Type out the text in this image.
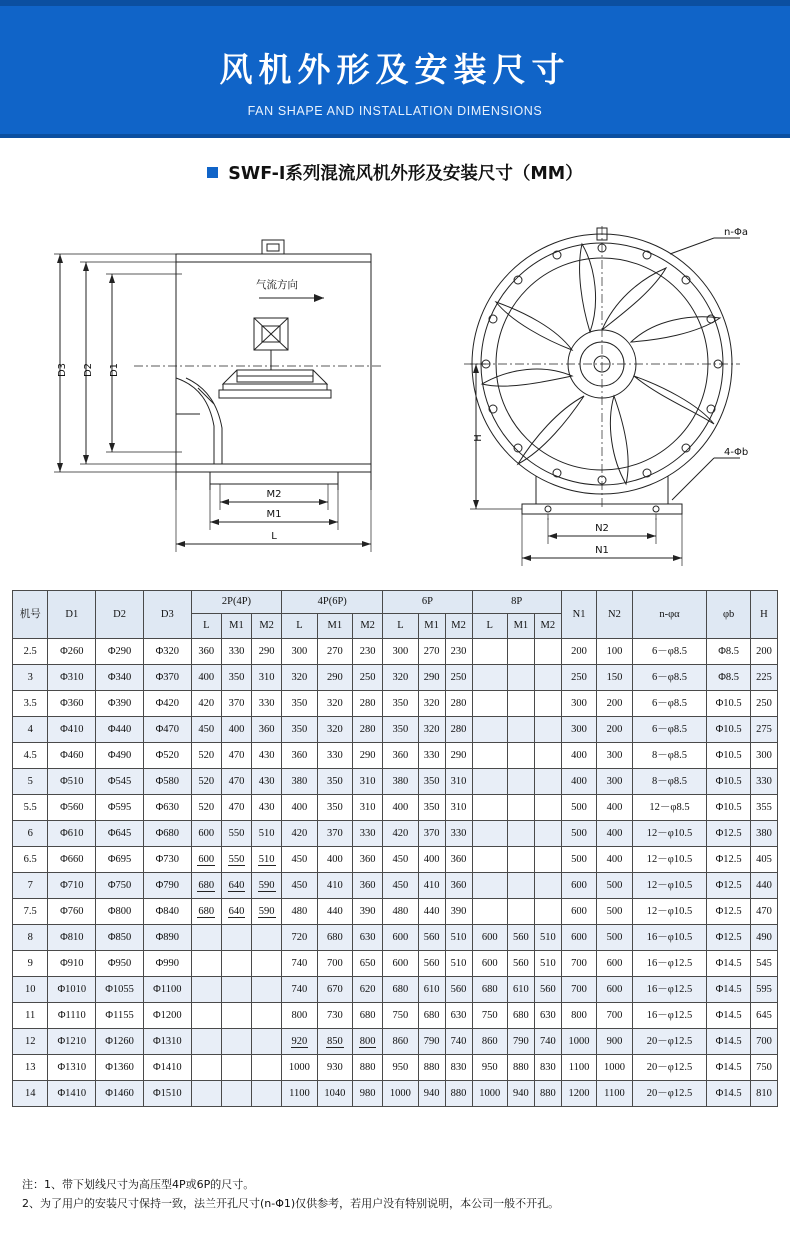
风机外形及安装尺寸
FAN SHAPE AND INSTALLATION DIMENSIONS
SWF-I系列混流风机外形及安装尺寸（MM）
D3 D2 D1
气流方向
M2
M1
L
n-Φa
4-Φb
H
N2
N1
机号	D1	D2	D3	2P(4P)			4P(6P)			6P			8P			N1	N2	n-φα	φb	H
				L	M1	M2	L	M1	M2	L	M1	M2	L	M1	M2					
2.5	Φ260	Φ290	Φ320	360	330	290	300	270	230	300	270	230				200	100	6－φ8.5	Φ8.5	200
3	Φ310	Φ340	Φ370	400	350	310	320	290	250	320	290	250				250	150	6－φ8.5	Φ8.5	225
3.5	Φ360	Φ390	Φ420	420	370	330	350	320	280	350	320	280				300	200	6－φ8.5	Φ10.5	250
4	Φ410	Φ440	Φ470	450	400	360	350	320	280	350	320	280				300	200	6－φ8.5	Φ10.5	275
4.5	Φ460	Φ490	Φ520	520	470	430	360	330	290	360	330	290				400	300	8－φ8.5	Φ10.5	300
5	Φ510	Φ545	Φ580	520	470	430	380	350	310	380	350	310				400	300	8－φ8.5	Φ10.5	330
5.5	Φ560	Φ595	Φ630	520	470	430	400	350	310	400	350	310				500	400	12－φ8.5	Φ10.5	355
6	Φ610	Φ645	Φ680	600	550	510	420	370	330	420	370	330				500	400	12－φ10.5	Φ12.5	380
6.5	Φ660	Φ695	Φ730	600	550	510	450	400	360	450	400	360				500	400	12－φ10.5	Φ12.5	405
7	Φ710	Φ750	Φ790	680	640	590	450	410	360	450	410	360				600	500	12－φ10.5	Φ12.5	440
7.5	Φ760	Φ800	Φ840	680	640	590	480	440	390	480	440	390				600	500	12－φ10.5	Φ12.5	470
8	Φ810	Φ850	Φ890				720	680	630	600	560	510	600	560	510	600	500	16－φ10.5	Φ12.5	490
9	Φ910	Φ950	Φ990				740	700	650	600	560	510	600	560	510	700	600	16－φ12.5	Φ14.5	545
10	Φ1010	Φ1055	Φ1100				740	670	620	680	610	560	680	610	560	700	600	16－φ12.5	Φ14.5	595
11	Φ1110	Φ1155	Φ1200				800	730	680	750	680	630	750	680	630	800	700	16－φ12.5	Φ14.5	645
12	Φ1210	Φ1260	Φ1310				920	850	800	860	790	740	860	790	740	1000	900	20－φ12.5	Φ14.5	700
13	Φ1310	Φ1360	Φ1410				1000	930	880	950	880	830	950	880	830	1100	1000	20－φ12.5	Φ14.5	750
14	Φ1410	Φ1460	Φ1510				1100	1040	980	1000	940	880	1000	940	880	1200	1100	20－φ12.5	Φ14.5	810
注：1、带下划线尺寸为高压型4P或6P的尺寸。
2、为了用户的安装尺寸保持一致，法兰开孔尺寸(n-Φ1)仅供参考，若用户没有特别说明，本公司一般不开孔。
